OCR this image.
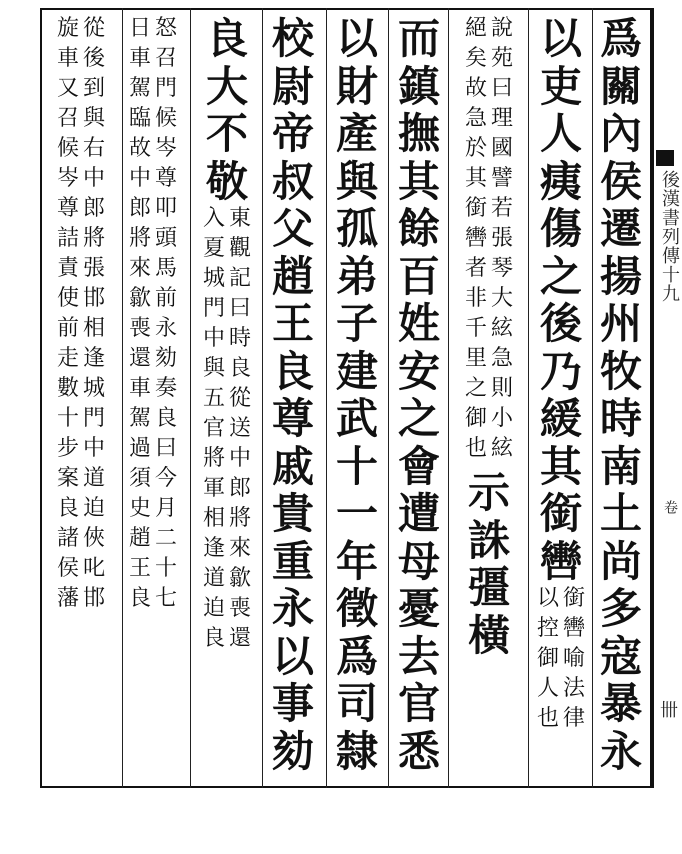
爲
關
內
侯
遷
揚
州
牧
時
南
土
尚
多
寇
暴
永
以
吏
人
痍
傷
之
後
乃
緩
其
銜
轡
以
控
御
人
也
銜
轡
喻
法
律
絕
矣
故
急
於
其
銜
轡
者
非
千
里
之
御
也
說
苑
曰
理
國
譬
若
張
琴
大
絃
急
則
小
絃
示
誅
彊
橫
而
鎮
撫
其
餘
百
姓
安
之
會
遭
母
憂
去
官
悉
以
財
產
與
孤
弟
子
建
武
十
一
年
徵
爲
司
隸
校
尉
帝
叔
父
趙
王
良
尊
戚
貴
重
永
以
事
劾
良
大
不
敬
入
夏
城
門
中
與
五
官
將
軍
相
逢
道
迫
良
東
觀
記
曰
時
良
從
送
中
郎
將
來
歙
喪
還
日
車
駕
臨
故
中
郎
將
來
歙
喪
還
車
駕
過
須
史
趙
王
良
怒
召
門
候
岑
尊
叩
頭
馬
前
永
劾
奏
良
曰
今
月
二
十
七
旋
車
又
召
候
岑
尊
詰
責
使
前
走
數
十
步
案
良
諸
侯
藩
從
後
到
與
右
中
郎
將
張
邯
相
逢
城
門
中
道
迫
俠
叱
邯
後漢書列傳十九
卷
卌
